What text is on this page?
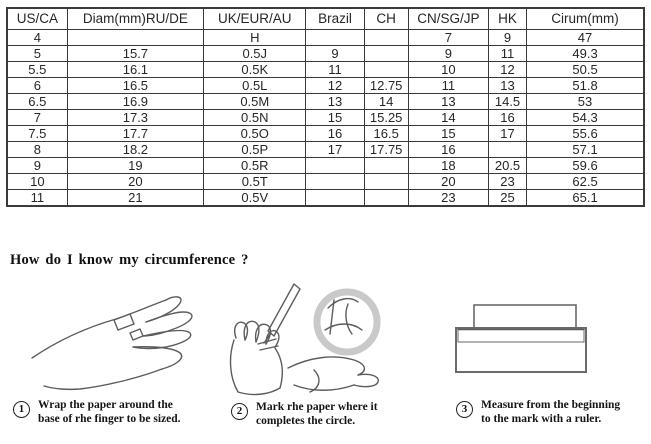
US/CA	Diam(mm)RU/DE	UK/EUR/AU	Brazil	CH	CN/SG/JP	HK	Cirum(mm)
4		H			7	9	47
5	15.7	0.5J	9		9	11	49.3
5.5	16.1	0.5K	11		10	12	50.5
6	16.5	0.5L	12	12.75	11	13	51.8
6.5	16.9	0.5M	13	14	13	14.5	53
7	17.3	0.5N	15	15.25	14	16	54.3
7.5	17.7	0.5O	16	16.5	15	17	55.6
8	18.2	0.5P	17	17.75	16		57.1
9	19	0.5R			18	20.5	59.6
10	20	0.5T			20	23	62.5
11	21	0.5V			23	25	65.1
How do I know my circumference ?
1	Wrap the paper around the
base of rhe finger to be sized.
2	Mark rhe paper where it
completes the circle.
3	Measure from the beginning
to the mark with a ruler.
